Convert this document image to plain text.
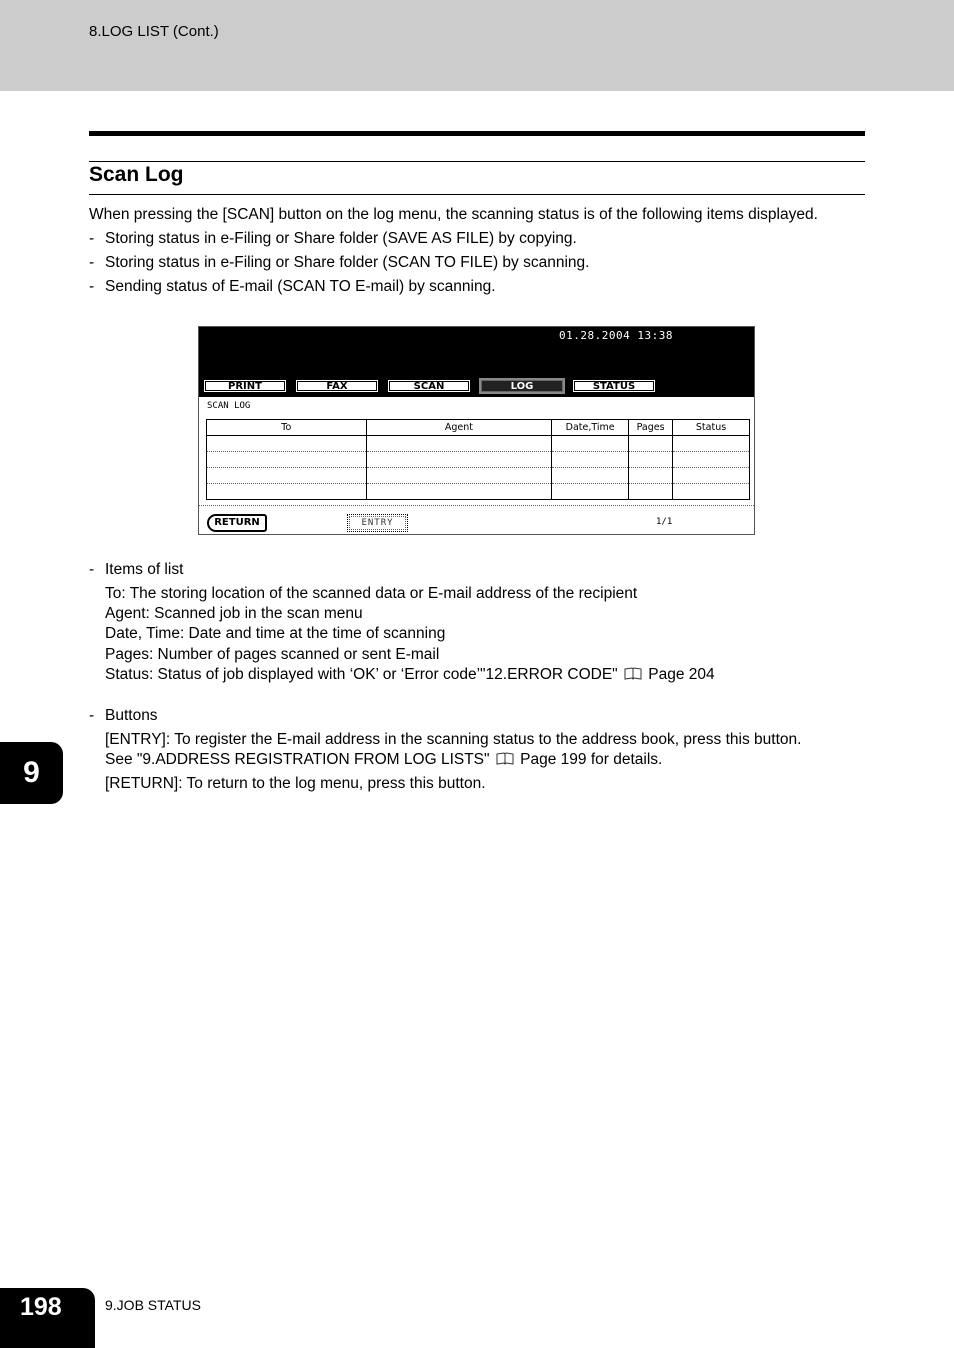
8.LOG LIST (Cont.)
Scan Log
When pressing the [SCAN] button on the log menu, the scanning status is of the following items displayed.
- Storing status in e-Filing or Share folder (SAVE AS FILE) by copying.
- Storing status in e-Filing or Share folder (SCAN TO FILE) by scanning.
- Sending status of E-mail (SCAN TO E-mail) by scanning.
01.28.2004 13:38
PRINT	FAX	SCAN	LOG	STATUS
SCAN LOG
To	Agent	Date,Time	Pages	Status

RETURN	ENTRY	1/1
- Items of list
To: The storing location of the scanned data or E-mail address of the recipient
Agent: Scanned job in the scan menu
Date, Time: Date and time at the time of scanning
Pages: Number of pages scanned or sent E-mail
Status: Status of job displayed with ‘OK’ or ‘Error code’"12.ERROR CODE" Page 204
- Buttons
[ENTRY]: To register the E-mail address in the scanning status to the address book, press this button.
See "9.ADDRESS REGISTRATION FROM LOG LISTS" Page 199 for details.
[RETURN]: To return to the log menu, press this button.
9
198	9.JOB STATUS
